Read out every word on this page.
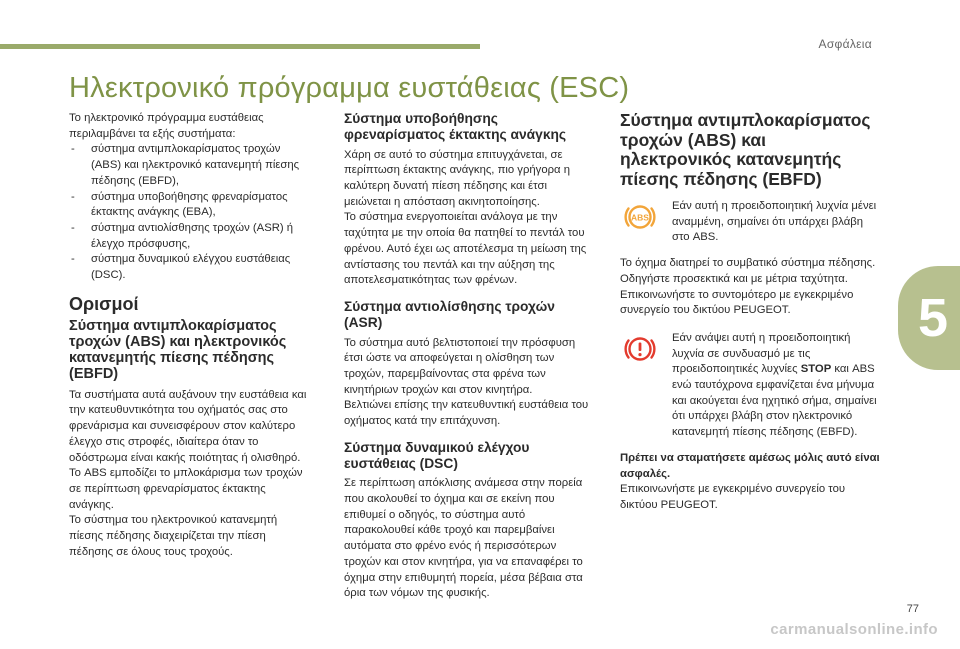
Ασφάλεια
Ηλεκτρονικό πρόγραμμα ευστάθειας (ESC)

Το ηλεκτρονικό πρόγραμμα ευστάθειας περιλαμβάνει τα εξής συστήματα:

- σύστημα αντιμπλοκαρίσματος τροχών (ABS) και ηλεκτρονικό κατανεμητή πίεσης πέδησης (EBFD),
- σύστημα υποβοήθησης φρεναρίσματος έκτακτης ανάγκης (EBA),
- σύστημα αντιολίσθησης τροχών (ASR) ή έλεγχο πρόσφυσης,
- σύστημα δυναμικού ελέγχου ευστάθειας (DSC).
Ορισμοί
Σύστημα αντιμπλοκαρίσματος τροχών (ABS) και ηλεκτρονικός κατανεμητής πίεσης πέδησης (EBFD)

Τα συστήματα αυτά αυξάνουν την ευστάθεια και την κατευθυντικότητα του οχήματός σας στο φρενάρισμα και συνεισφέρουν στον καλύτερο έλεγχο στις στροφές, ιδιαίτερα όταν το οδόστρωμα είναι κακής ποιότητας ή ολισθηρό.

Το ABS εμποδίζει το μπλοκάρισμα των τροχών σε περίπτωση φρεναρίσματος έκτακτης ανάγκης.

Το σύστημα του ηλεκτρονικού κατανεμητή πίεσης πέδησης διαχειρίζεται την πίεση πέδησης σε όλους τους τροχούς.

Σύστημα υποβοήθησης φρεναρίσματος έκτακτης ανάγκης

Χάρη σε αυτό το σύστημα επιτυγχάνεται, σε περίπτωση έκτακτης ανάγκης, πιο γρήγορα η καλύτερη δυνατή πίεση πέδησης και έτσι μειώνεται η απόσταση ακινητοποίησης.

Το σύστημα ενεργοποιείται ανάλογα με την ταχύτητα με την οποία θα πατηθεί το πεντάλ του φρένου. Αυτό έχει ως αποτέλεσμα τη μείωση της αντίστασης του πεντάλ και την αύξηση της αποτελεσματικότητας των φρένων.

Σύστημα αντιολίσθησης τροχών (ASR)

Το σύστημα αυτό βελτιστοποιεί την πρόσφυση έτσι ώστε να αποφεύγεται η ολίσθηση των τροχών, παρεμβαίνοντας στα φρένα των κινητήριων τροχών και στον κινητήρα.

Βελτιώνει επίσης την κατευθυντική ευστάθεια του οχήματος κατά την επιτάχυνση.

Σύστημα δυναμικού ελέγχου ευστάθειας (DSC)

Σε περίπτωση απόκλισης ανάμεσα στην πορεία που ακολουθεί το όχημα και σε εκείνη που επιθυμεί ο οδηγός, το σύστημα αυτό παρακολουθεί κάθε τροχό και παρεμβαίνει αυτόματα στο φρένο ενός ή περισσότερων τροχών και στον κινητήρα, για να επαναφέρει το όχημα στην επιθυμητή πορεία, μέσα βέβαια στα όρια των νόμων της φυσικής.

Σύστημα αντιμπλοκαρίσματος τροχών (ABS) και ηλεκτρονικός κατανεμητής πίεσης πέδησης (EBFD)
ABS

Εάν αυτή η προειδοποιητική λυχνία μένει αναμμένη, σημαίνει ότι υπάρχει βλάβη στο ABS.

Το όχημα διατηρεί το συμβατικό σύστημα πέδησης. Οδηγήστε προσεκτικά και με μέτρια ταχύτητα.

Επικοινωνήστε το συντομότερο με εγκεκριμένο συνεργείο του δικτύου PEUGEOT.

Εάν ανάψει αυτή η προειδοποιητική λυχνία σε συνδυασμό με τις προειδοποιητικές λυχνίες STOP και ABS ενώ ταυτόχρονα εμφανίζεται ένα μήνυμα και ακούγεται ένα ηχητικό σήμα, σημαίνει ότι υπάρχει βλάβη στον ηλεκτρονικό κατανεμητή πίεσης πέδησης (EBFD).

Πρέπει να σταματήσετε αμέσως μόλις αυτό είναι ασφαλές.

Επικοινωνήστε με εγκεκριμένο συνεργείο του δικτύου PEUGEOT.

5
77
carmanualsonline.info
